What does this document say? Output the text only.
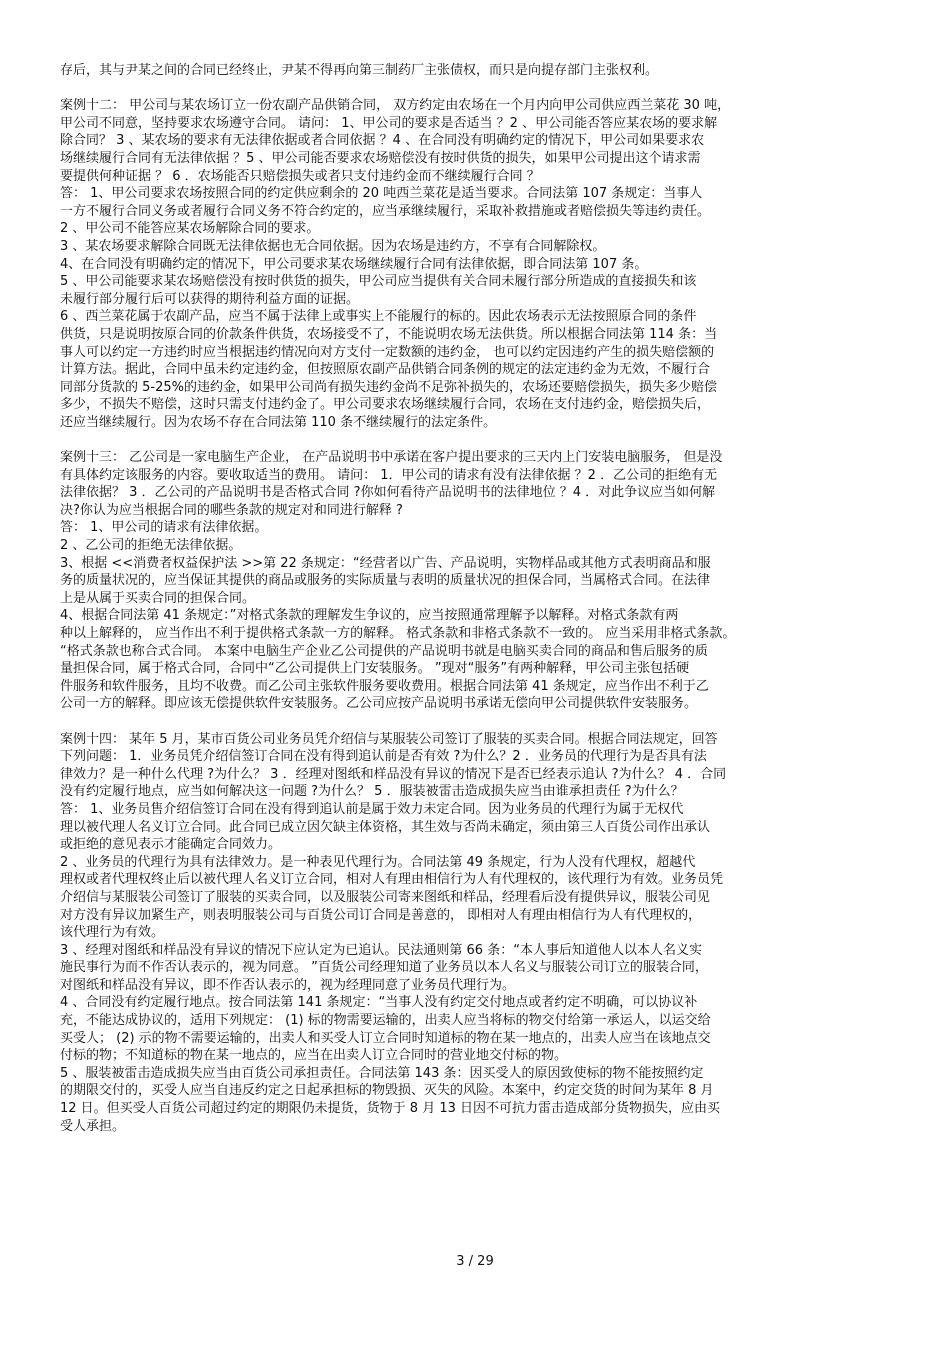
存后，其与尹某之间的合同已经终止，尹某不得再向第三制药厂主张债权，而只是向提存部门主张权利。
案例十二： 甲公司与某农场订立一份农副产品供销合同， 双方约定由农场在一个月内向甲公司供应西兰菜花 30 吨，
甲公司不同意，坚持要求农场遵守合同。 请问： 1、甲公司的要求是否适当 ？2 、甲公司能否答应某农场的要求解
除合同？ 3 、某农场的要求有无法律依据或者合同依据 ？4 、在合同没有明确约定的情况下，甲公司如果要求农
场继续履行合同有无法律依据 ？5 、甲公司能否要求农场赔偿没有按时供货的损失，如果甲公司提出这个请求需
要提供何种证据 ？ 6 ．农场能否只赔偿损失或者只支付违约金而不继续履行合同 ？
答： 1、甲公司要求农场按照合同的约定供应剩余的 20 吨西兰菜花是适当要求。合同法第 107 条规定：当事人
一方不履行合同义务或者履行合同义务不符合约定的，应当承继续履行，采取补救措施或者赔偿损失等违约责任。
2 、甲公司不能答应某农场解除合同的要求。
3 、某农场要求解除合同既无法律依据也无合同依据。因为农场是违约方，不享有合同解除权。
4、在合同没有明确约定的情况下，甲公司要求某农场继续履行合同有法律依据，即合同法第 107 条。
5 、甲公司能要求某农场赔偿没有按时供货的损失，甲公司应当提供有关合同未履行部分所造成的直接损失和该
未履行部分履行后可以获得的期待利益方面的证据。
6 、西兰菜花属于农副产品，应当不属于法律上或事实上不能履行的标的。因此农场表示无法按照原合同的条件
供货，只是说明按原合同的价款条件供货，农场接受不了，不能说明农场无法供货。所以根据合同法第 114 条：当
事人可以约定一方违约时应当根据违约情况向对方支付一定数额的违约金， 也可以约定因违约产生的损失赔偿额的
计算方法。据此，合同中虽未约定违约金，但按照原农副产品供销合同条例的规定的法定违约金为无效，不履行合
同部分货款的 5-25%的违约金，如果甲公司尚有损失违约金尚不足弥补损失的，农场还要赔偿损失，损失多少赔偿
多少，不损失不赔偿，这时只需支付违约金了。甲公司要求农场继续履行合同，农场在支付违约金，赔偿损失后，
还应当继续履行。因为农场不存在合同法第 110 条不继续履行的法定条件。
案例十三： 乙公司是一家电脑生产企业， 在产品说明书中承诺在客户提出要求的三天内上门安装电脑服务， 但是没
有具体约定该服务的内容。要收取适当的费用。 请问： 1．甲公司的请求有没有法律依据 ？2 ．乙公司的拒绝有无
法律依据？ 3 ．乙公司的产品说明书是否格式合同 ?你如何看待产品说明书的法律地位 ？4 ．对此争议应当如何解
决?你认为应当根据合同的哪些条款的规定对和同进行解释 ?
答： 1、甲公司的请求有法律依据。
2 、乙公司的拒绝无法律依据。
3、根据 <<消费者权益保护法 >>第 22 条规定：“经营者以广告、产品说明，实物样品或其他方式表明商品和服
务的质量状况的，应当保证其提供的商品或服务的实际质量与表明的质量状况的担保合同，当属格式合同。在法律
上是从属于买卖合同的担保合同。
4、根据合同法第 41 条规定：”对格式条款的理解发生争议的，应当按照通常理解予以解释。对格式条款有两
种以上解释的， 应当作出不利于提供格式条款一方的解释。 格式条款和非格式条款不一致的。 应当采用非格式条款。
“格式条款也称合式合同。 本案中电脑生产企业乙公司提供的产品说明书就是电脑买卖合同的商品和售后服务的质
量担保合同，属于格式合同，合同中“乙公司提供上门安装服务。 ”现对“服务”有两种解释，甲公司主张包括硬
件服务和软件服务，且均不收费。而乙公司主张软件服务要收费用。根据合同法第 41 条规定，应当作出不利于乙
公司一方的解释。即应该无偿提供软件安装服务。乙公司应按产品说明书承诺无偿向甲公司提供软件安装服务。
案例十四： 某年 5 月，某市百货公司业务员凭介绍信与某服装公司签订了服装的买卖合同。根据合同法规定，回答
下列问题： 1．业务员凭介绍信签订合同在没有得到追认前是否有效 ?为什么？2 ．业务员的代理行为是否具有法
律效力？是一种什么代理 ?为什么？ 3 ．经理对图纸和样品没有异议的情况下是否已经表示追认 ?为什么？ 4 ．合同
没有约定履行地点，应当如何解决这一问题 ?为什么？ 5 ．服装被雷击造成损失应当由谁承担责任 ?为什么？
答： 1、业务员售介绍信签订合同在没有得到追认前是属于效力未定合同。因为业务员的代理行为属于无权代
理以被代理人名义订立合同。此合同已成立因欠缺主体资格，其生效与否尚未确定，须由第三人百货公司作出承认
或拒绝的意见表示才能确定合同效力。
2 、业务员的代理行为具有法律效力。是一种表见代理行为。合同法第 49 条规定，行为人没有代理权，超越代
理权或者代理权终止后以被代理人名义订立合同，相对人有理由相信行为人有代理权的，该代理行为有效。业务员凭
介绍信与某服装公司签订了服装的买卖合同，以及服装公司寄来图纸和样品，经理看后没有提供异议，服装公司见
对方没有异议加紧生产，则表明服装公司与百货公司订合同是善意的， 即相对人有理由相信行为人有代理权的，
该代理行为有效。
3 、经理对图纸和样品没有异议的情况下应认定为已追认。民法通则第 66 条：“本人事后知道他人以本人名义实
施民事行为而不作否认表示的，视为同意。 ”百货公司经理知道了业务员以本人名义与服装公司订立的服装合同，
对图纸和样品没有异议，即不作否认表示的，视为经理同意了业务员代理行为。
4 、合同没有约定履行地点。按合同法第 141 条规定：“当事人没有约定交付地点或者约定不明确，可以协议补
充，不能达成协议的，适用下列规定： (1) 标的物需要运输的，出卖人应当将标的物交付给第一承运人，以运交给
买受人； (2) 示的物不需要运输的，出卖人和买受人订立合同时知道标的物在某一地点的，出卖人应当在该地点交
付标的物；不知道标的物在某一地点的，应当在出卖人订立合同时的营业地交付标的物。
5 、服装被雷击造成损失应当由百货公司承担责任。合同法第 143 条：因买受人的原因致使标的物不能按照约定
的期限交付的，买受人应当自违反约定之日起承担标的物毁损、灭失的风险。本案中，约定交货的时间为某年 8 月
12 日。但买受人百货公司超过约定的期限仍未提货，货物于 8 月 13 日因不可抗力雷击造成部分货物损失，应由买
受人承担。
3 / 29
